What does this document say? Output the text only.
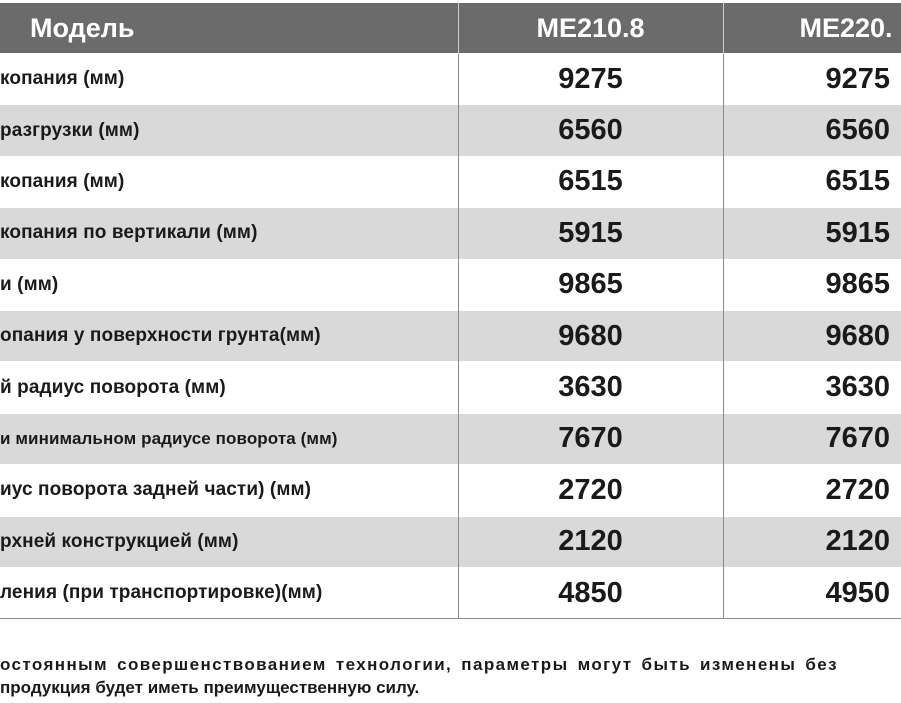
Модель	ME210.8	ME220.
копания (мм)	9275	9275
разгрузки (мм)	6560	6560
копания (мм)	6515	6515
копания по вертикали (мм)	5915	5915
и (мм)	9865	9865
опания у поверхности грунта(мм)	9680	9680
й радиус поворота (мм)	3630	3630
и минимальном радиусе поворота (мм)	7670	7670
иус поворота задней части) (мм)	2720	2720
рхней конструкцией (мм)	2120	2120
ления (при транспортировке)(мм)	4850	4950
остоянным совершенствованием технологии, параметры могут быть изменены без
продукция будет иметь преимущественную силу.
